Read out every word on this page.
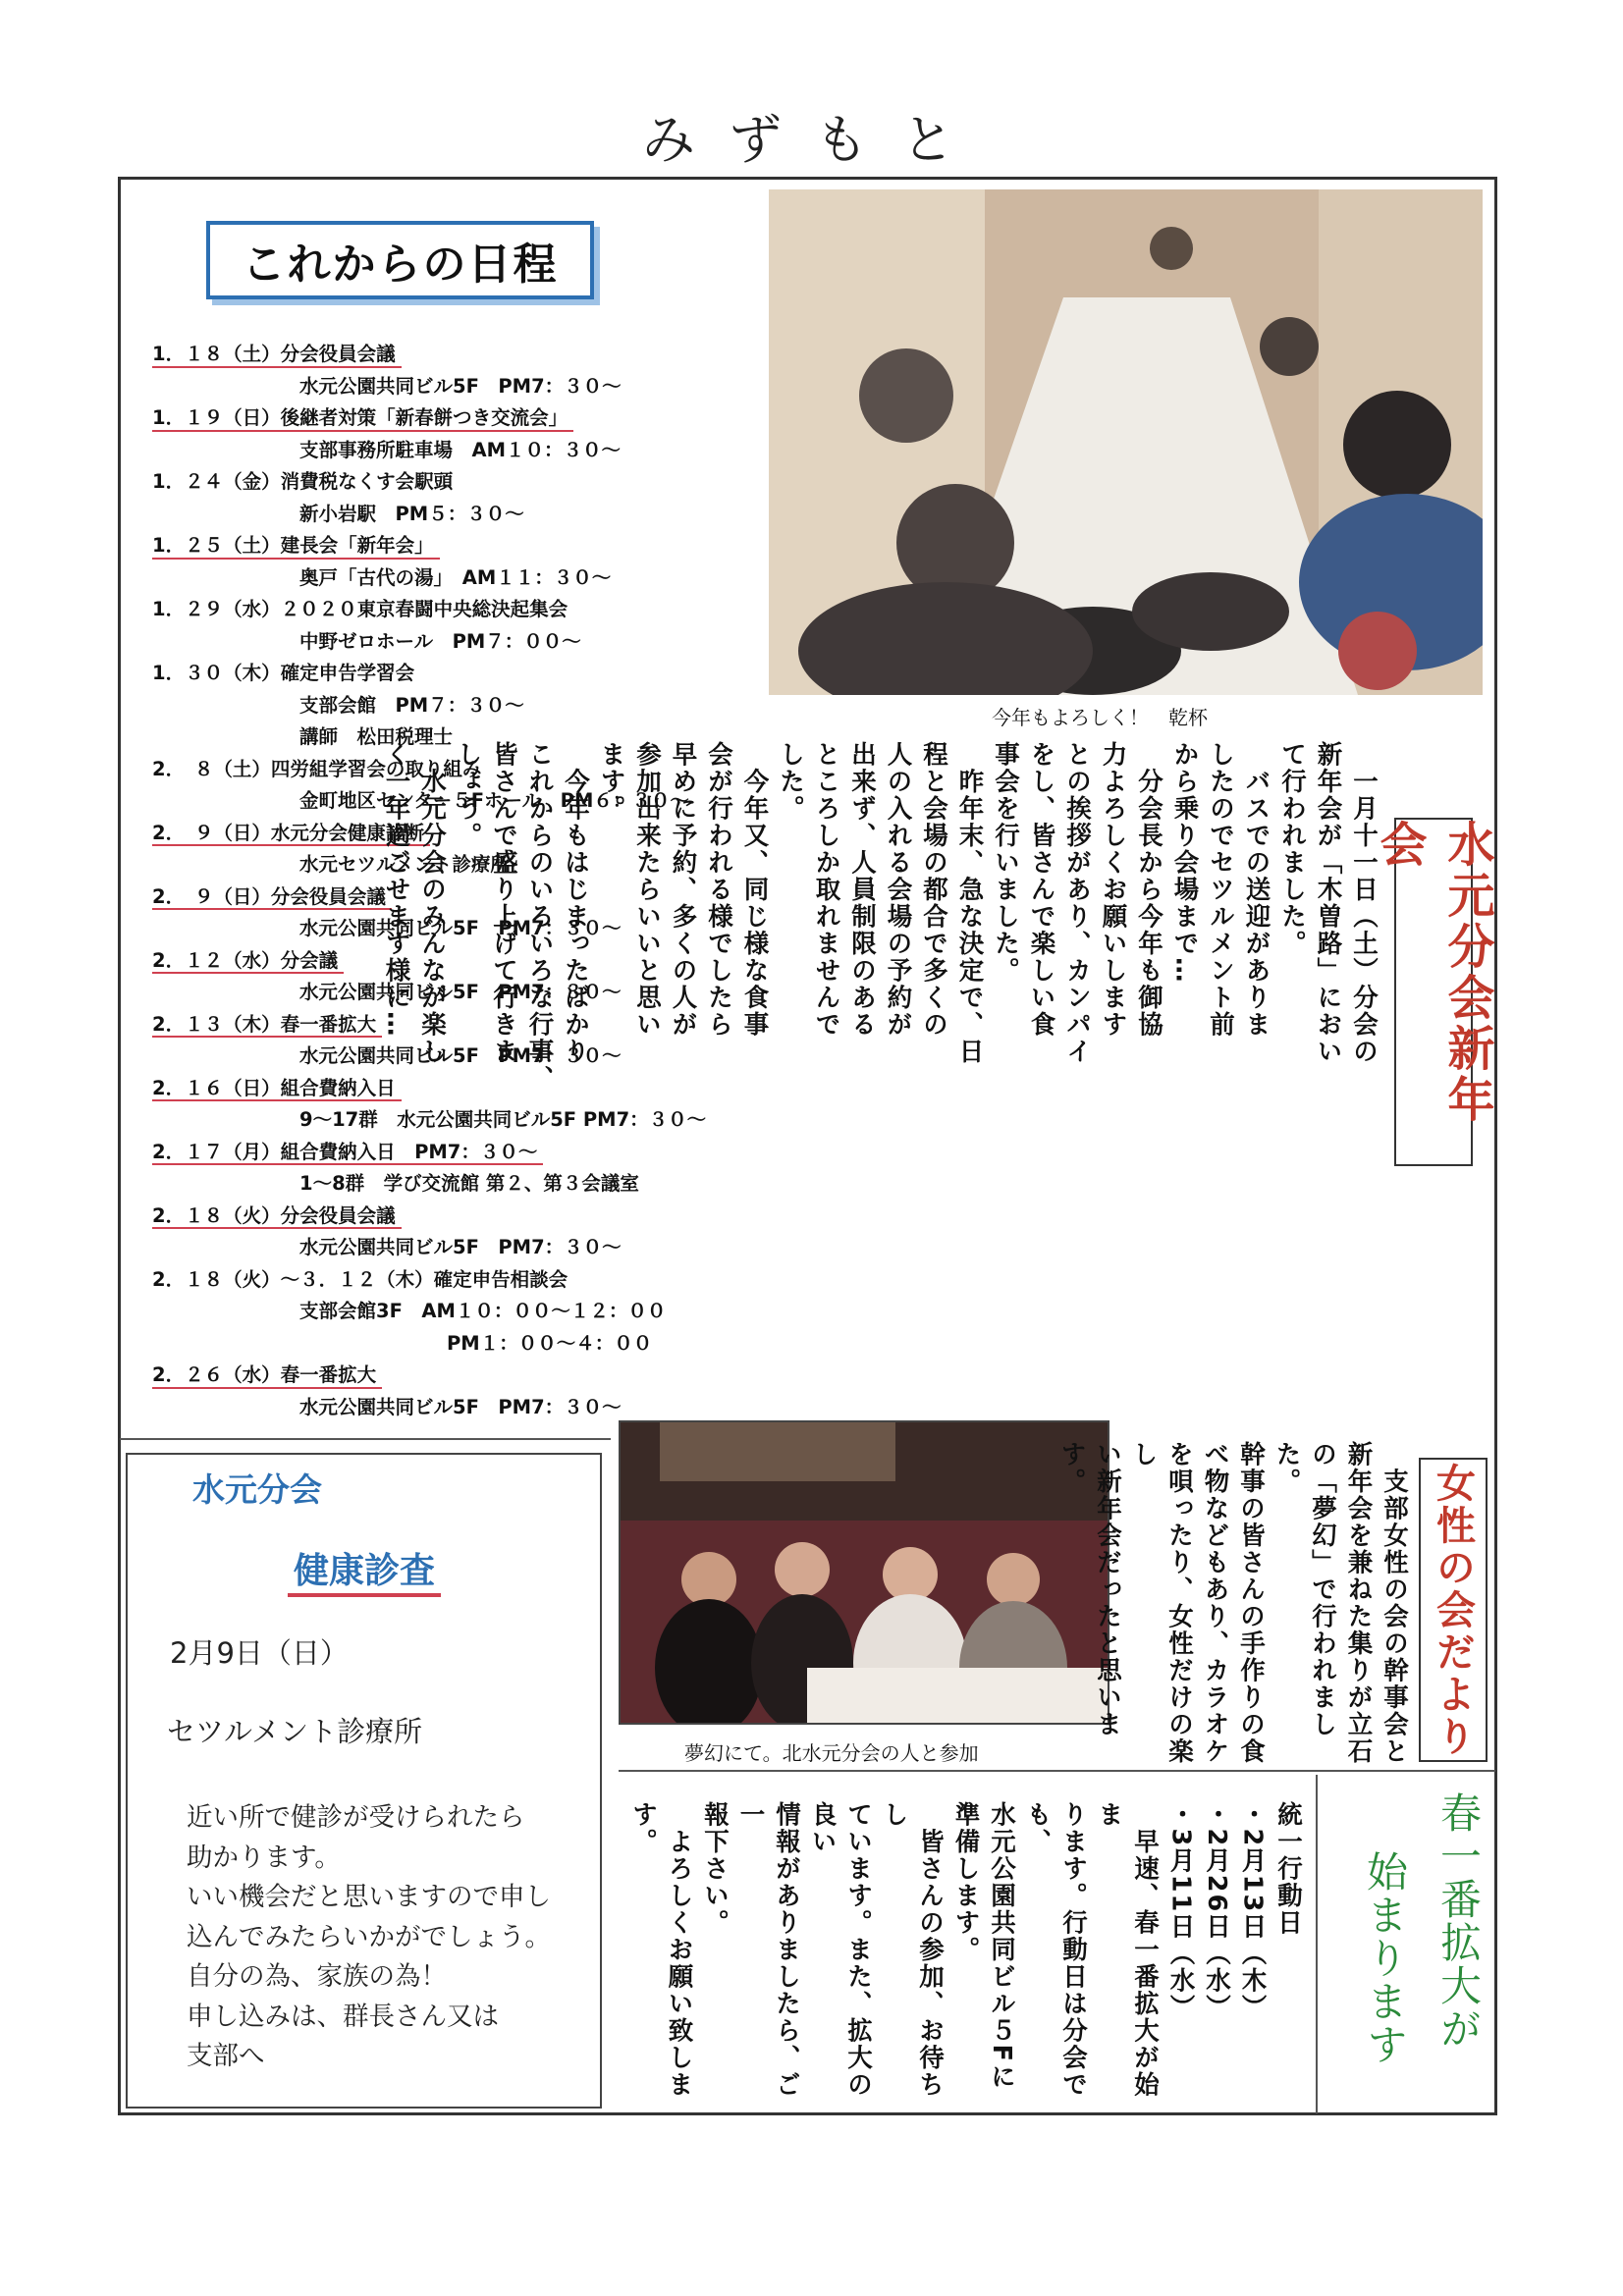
みずもと
これからの日程
1．１８（土）分会役員会議
水元公園共同ビル5F　PM7：３０～
1．１９（日）後継者対策「新春餅つき交流会」
支部事務所駐車場　AM１０：３０～
1．２４（金）消費税なくす会駅頭
新小岩駅　PM５：３０～
1．２５（土）建長会「新年会」
奥戸「古代の湯」　AM１１：３０～
1．２９（水）２０２０東京春闘中央総決起集会
中野ゼロホール　PM７：００～
1．３０（木）確定申告学習会
支部会館　PM７：３０～
講師　松田税理士
2．　８（土）四労組学習会の取り組み
金町地区センター５Fホール　PM６：３０～
2．　９（日）水元分会健康診断
水元セツルメント診療所
2．　９（日）分会役員会議
水元公園共同ビル5F　PM7：３０～
2．１２（水）分会議
水元公園共同ビル5F　PM7：３０～
2．１３（木）春一番拡大
水元公園共同ビル5F　PM7：３０～
2．１６（日）組合費納入日
9～17群　水元公園共同ビル5F PM7：３０～
2．１７（月）組合費納入日　PM7：３０～
1～8群　学び交流館 第２、第３会議室
2．１８（火）分会役員会議
水元公園共同ビル5F　PM7：３０～
2．１８（火）～３．１２（木）確定申告相談会
支部会館3F　AM１０：００～１２：００
PM１：００～４：００
2．２６（水）春一番拡大
水元公園共同ビル5F　PM7：３０～
今年もよろしく！　乾杯
水元分会新年会
　一月十一日（土）分会の
新年会が「木曽路」におい
て行われました。
　バスでの送迎がありま
したのでセツルメント前
から乗り会場まで…
　分会長から今年も御協
力よろしくお願いします
との挨拶があり、カンパイ
をし、皆さんで楽しい食
事会を行いました。
　昨年末、急な決定で、日
程と会場の都合で多くの
人の入れる会場の予約が
出来ず、人員制限のある
ところしか取れませんで
した。
　今年又、同じ様な食事
会が行われる様でしたら
早めに予約、多くの人が
参加出来たらいいと思い
ます。
　今年もはじまったばかり
これからのいろいろな行事、
皆さんで盛り上げて行きま
しょう。
　水元分会のみんなが楽し
く一年過ごせます様に…
水元分会
健康診査
2月9日（日）
セツルメント診療所
近い所で健診が受けられたら
助かります。
いい機会だと思いますので申し
込んでみたらいかがでしょう。
自分の為、家族の為！
申し込みは、群長さん又は
支部へ
夢幻にて。北水元分会の人と参加	女性の会だより
　支部女性の会の幹事会と
新年会を兼ねた集りが立石
の「夢幻」で行われました。
幹事の皆さんの手作りの食
べ物などもあり、カラオケ
を唄ったり、女性だけの楽し
い新年会だったと思います。
春一番拡大が
始まります
統一行動日
・2月13日（木）
・2月26日（水）
・3月11日（水）
　早速、春一番拡大が始ま
ります。行動日は分会でも、
水元公園共同ビル５Fに
準備します。
　皆さんの参加、お待ちし
ています。また、拡大の良い
情報がありましたら、ご一
報下さい。
　よろしくお願い致します。
